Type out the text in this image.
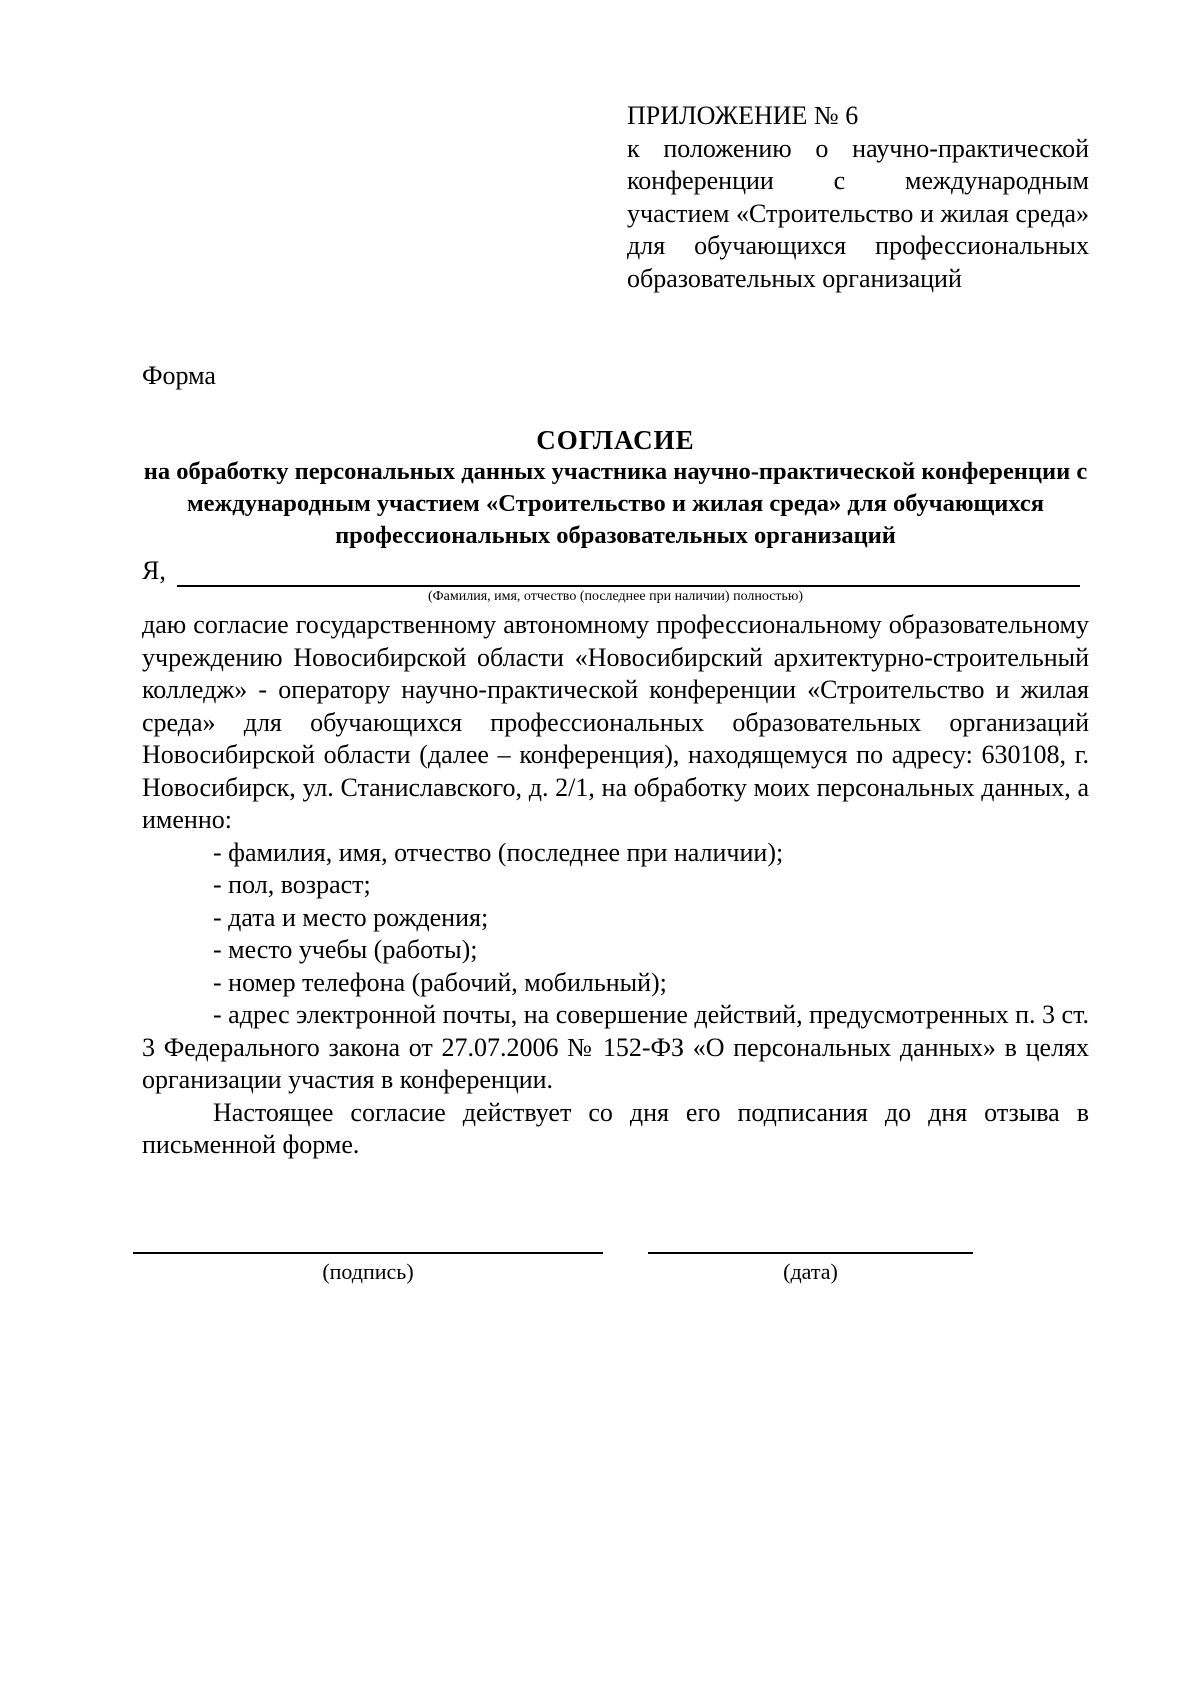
ПРИЛОЖЕНИЕ № 6
к положению о научно-практической конференции с международным участием «Строительство и жилая среда» для обучающихся профессиональных образовательных организаций
Форма
СОГЛАСИЕ
на обработку персональных данных участника научно-практической конференции с международным участием «Строительство и жилая среда» для обучающихся профессиональных образовательных организаций
Я,
(Фамилия, имя, отчество (последнее при наличии) полностью)

даю согласие государственному автономному профессиональному образовательному учреждению Новосибирской области «Новосибирский архитектурно-строительный колледж» - оператору научно-практической конференции «Строительство и жилая среда» для обучающихся профессиональных образовательных организаций Новосибирской области (далее – конференция), находящемуся по адресу: 630108, г. Новосибирск, ул. Станиславского, д. 2/1, на обработку моих персональных данных, а именно:

- фамилия, имя, отчество (последнее при наличии);

- пол, возраст;

- дата и место рождения;

- место учебы (работы);

- номер телефона (рабочий, мобильный);

- адрес электронной почты, на совершение действий, предусмотренных п. 3 ст. 3 Федерального закона от 27.07.2006 № 152-ФЗ «О персональных данных» в целях организации участия в конференции.

Настоящее согласие действует со дня его подписания до дня отзыва в письменной форме.

(подпись)	(дата)
